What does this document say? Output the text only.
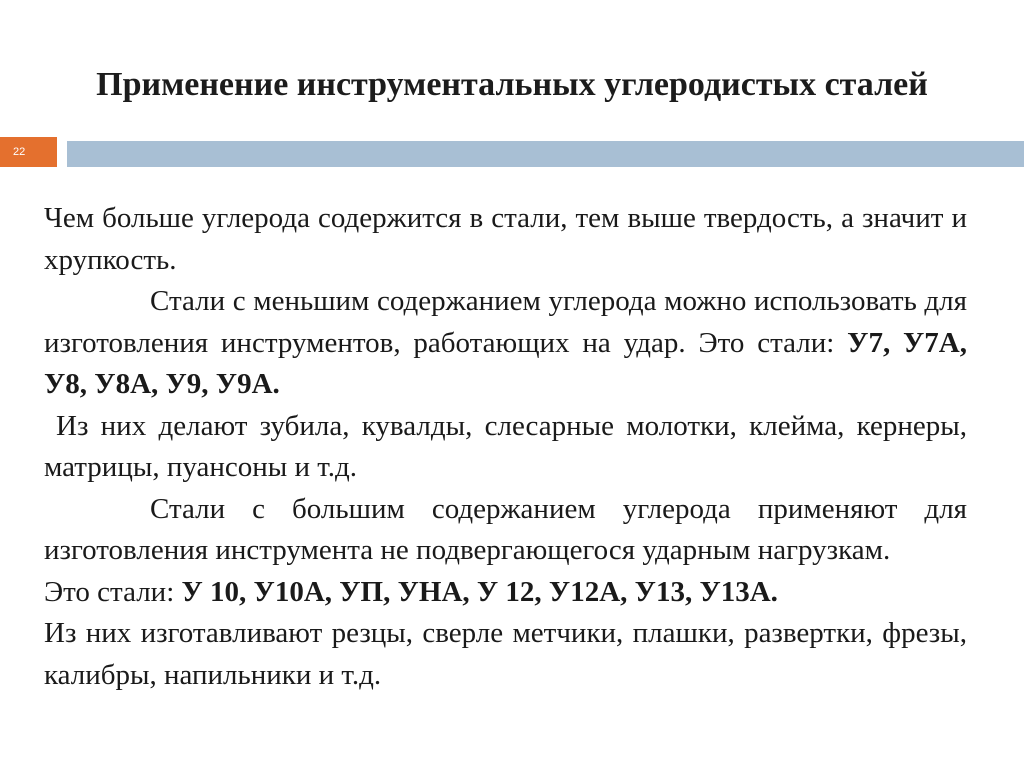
Применение инструментальных углеродистых сталей
22

Чем больше углерода содержится в стали, тем выше твердость, а значит и хрупкость.

Стали с меньшим содержанием углерода можно использовать для изготовления инструментов, работающих на удар. Это стали: У7, У7А, У8, У8А, У9, У9А.

Из них делают зубила, кувалды, слесарные молотки, клейма, кернеры, матрицы, пуансоны и т.д.

Стали с большим содержанием углерода применяют для изготовления инструмента не подвергающегося ударным нагрузкам.

Это стали: У 10, У10А, УП, УНА, У 12, У12А, У13, У13А.

Из них изготавливают резцы, сверле метчики, плашки, развертки, фрезы, калибры, напильники и т.д.
